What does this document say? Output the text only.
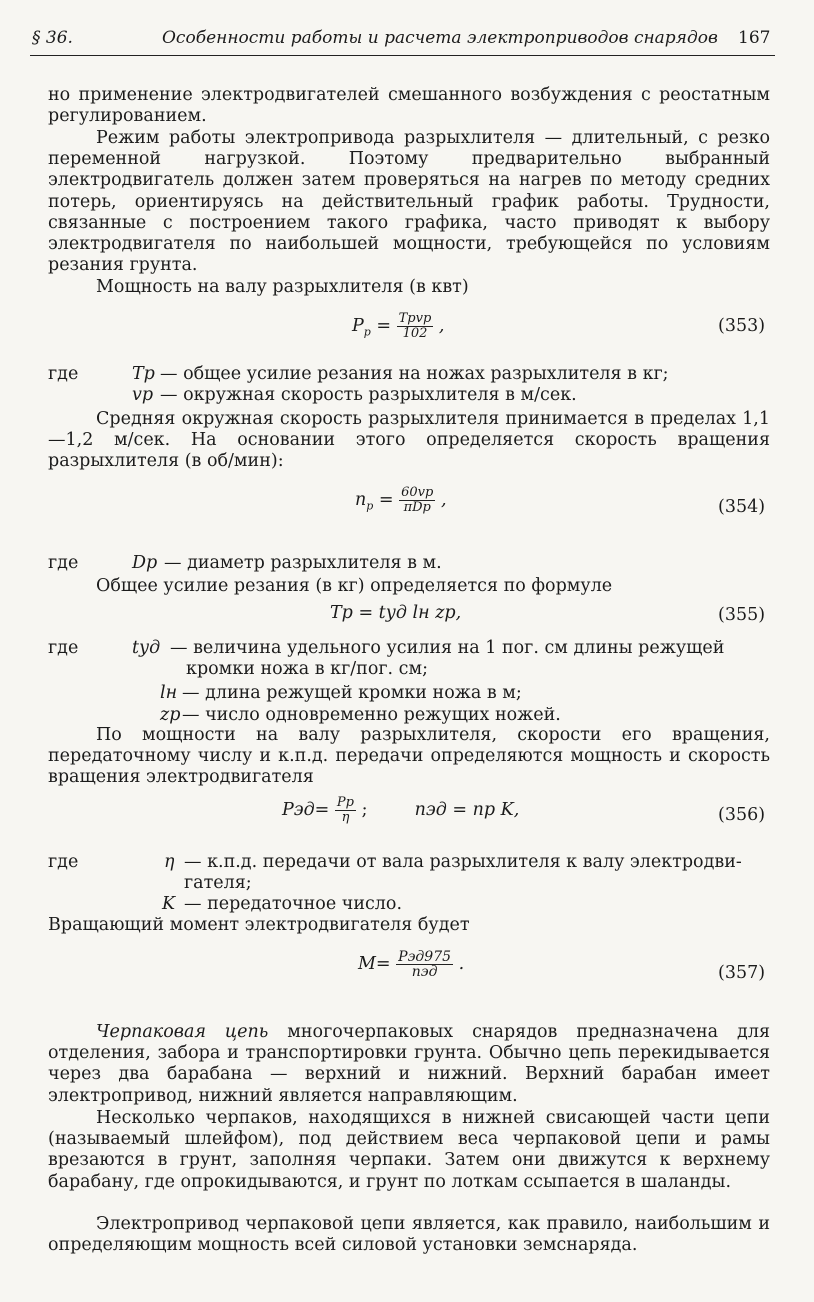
§ 36.	Особенности работы и расчета электроприводов снарядов 167
но применение электродвигателей смешанного возбуждения с реостатным регулированием.
Режим работы электропривода разрыхлителя — длительный, с резко переменной нагрузкой. Поэтому предварительно выбранный электродвигатель должен затем проверяться на нагрев по методу средних потерь, ориентируясь на действительный график работы. Трудности, связанные с построением такого графика, часто приводят к выбору электродвигателя по наибольшей мощности, требующейся по условиям резания грунта.
Мощность на валу разрыхлителя (в квт)
$P_р = \frac{\text{Трvр}}{102}$ ,	(353)
где	Тр — общее усилие резания на ножах разрыхлителя в кг;
vр — окружная скорость разрыхлителя в м/сек.
Средняя окружная скорость разрыхлителя принимается в пределах 1,1—1,2 м/сек. На основании этого определяется скорость вращения разрыхлителя (в об/мин):
$n_р = \frac{60vр}{\text{πDр}}$ ,	(354)
где	Dр — диаметр разрыхлителя в м.
Общее усилие резания (в кг) определяется по формуле
Tр = tуд lн zр,	(355)
где	tуд — величина удельного усилия на 1 пог. см длины режущей
кромки ножа в кг/пог. см;
lн — длина режущей кромки ножа в м;
zр — число одновременно режущих ножей.
По мощности на валу разрыхлителя, скорости его вращения, передаточному числу и к.п.д. передачи определяются мощность и скорость вращения электродвигателя
$Pэд= \frac{Pр}{\eta}$ ;	nэд = nр K,	(356)
где	η — к.п.д. передачи от вала разрыхлителя к валу электродви-
гателя;
K — передаточное число.
Вращающий момент электродвигателя будет
$M= \frac{\text{Pэд975}}{\text{nэд}}$ .	(357)
Черпаковая цепь многочерпаковых снарядов предназначена для отделения, забора и транспортировки грунта. Обычно цепь перекидывается через два барабана — верхний и нижний. Верхний барабан имеет электропривод, нижний является направляющим.
Несколько черпаков, находящихся в нижней свисающей части цепи (называемый шлейфом), под действием веса черпаковой цепи и рамы врезаются в грунт, заполняя черпаки. Затем они движутся к верхнему барабану, где опрокидываются, и грунт по лоткам ссыпается в шаланды.
Электропривод черпаковой цепи является, как правило, наибольшим и определяющим мощность всей силовой установки земснаряда.
